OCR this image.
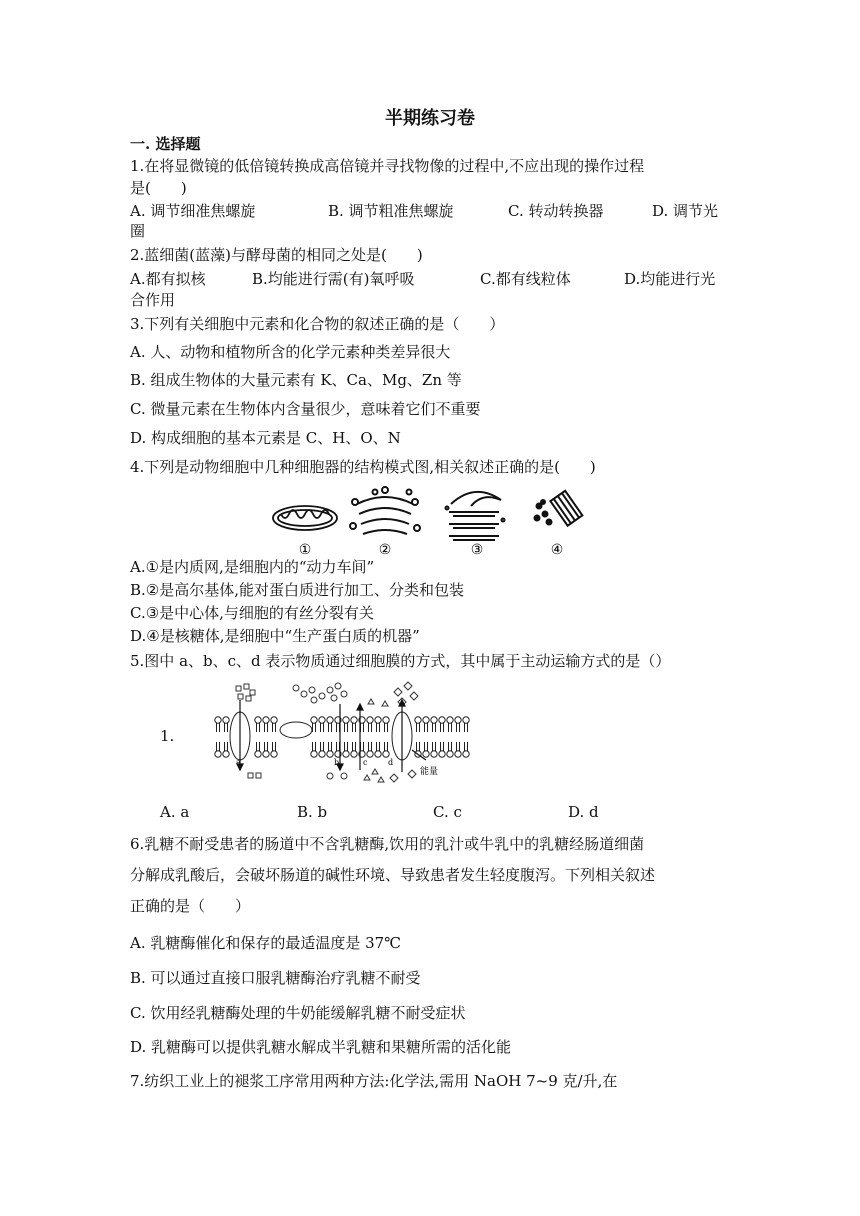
半期练习卷
一. 选择题
1.在将显微镜的低倍镜转换成高倍镜并寻找物像的过程中,不应出现的操作过程
是(　　)
A. 调节细准焦螺旋	B. 调节粗准焦螺旋	C. 转动转换器	D. 调节光
圈
2.蓝细菌(蓝藻)与酵母菌的相同之处是(　　)
A.都有拟核	B.均能进行需(有)氧呼吸	C.都有线粒体	D.均能进行光
合作用
3.下列有关细胞中元素和化合物的叙述正确的是（　　）
A. 人、动物和植物所含的化学元素种类差异很大
B. 组成生物体的大量元素有 K、Ca、Mg、Zn 等
C. 微量元素在生物体内含量很少，意味着它们不重要
D. 构成细胞的基本元素是 C、H、O、N
4.下列是动物细胞中几种细胞器的结构模式图,相关叙述正确的是(　　)
①	②	③	④
A.①是内质网,是细胞内的“动力车间”
B.②是高尔基体,能对蛋白质进行加工、分类和包装
C.③是中心体,与细胞的有丝分裂有关
D.④是核糖体,是细胞中“生产蛋白质的机器”
5.图中 a、b、c、d 表示物质通过细胞膜的方式，其中属于主动运输方式的是（）
1.
a	b	c	d
能量
A. a	B. b	C. c	D. d
6.乳糖不耐受患者的肠道中不含乳糖酶,饮用的乳汁或牛乳中的乳糖经肠道细菌
分解成乳酸后，会破坏肠道的碱性环境、导致患者发生轻度腹泻。下列相关叙述
正确的是（　　）
A. 乳糖酶催化和保存的最适温度是 37℃
B. 可以通过直接口服乳糖酶治疗乳糖不耐受
C. 饮用经乳糖酶处理的牛奶能缓解乳糖不耐受症状
D. 乳糖酶可以提供乳糖水解成半乳糖和果糖所需的活化能
7.纺织工业上的褪浆工序常用两种方法:化学法,需用 NaOH 7~9 克/升,在
